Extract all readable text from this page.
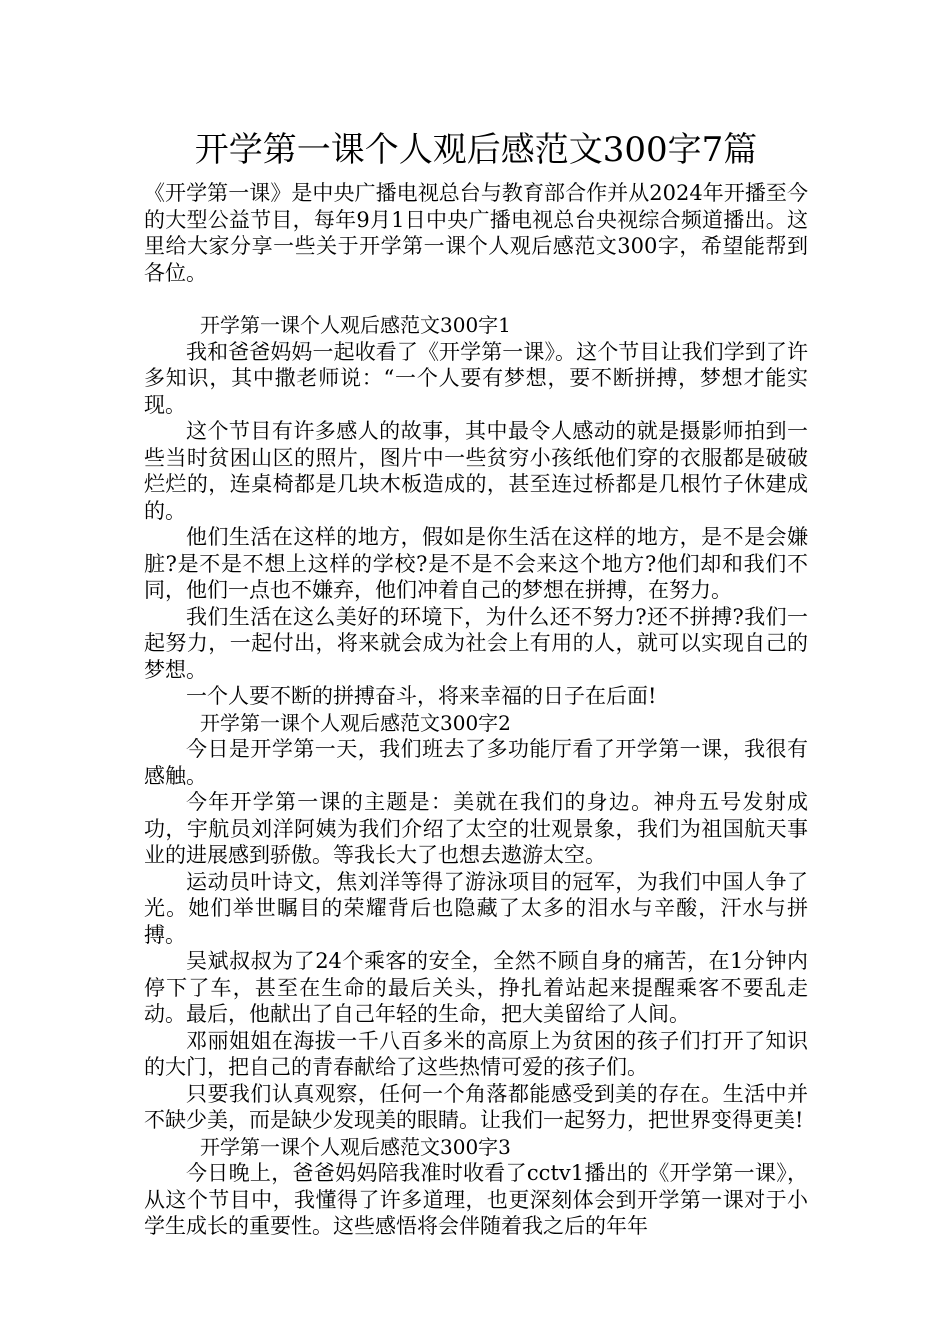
开学第一课个人观后感范文300字7篇

《开学第一课》是中央广播电视总台与教育部合作并从2024年开播至今的大型公益节目，每年9月1日中央广播电视总台央视综合频道播出。这里给大家分享一些关于开学第一课个人观后感范文300字，希望能帮到各位。

开学第一课个人观后感范文300字1

我和爸爸妈妈一起收看了《开学第一课》。这个节目让我们学到了许多知识，其中撒老师说：“一个人要有梦想，要不断拼搏，梦想才能实现。

这个节目有许多感人的故事，其中最令人感动的就是摄影师拍到一些当时贫困山区的照片，图片中一些贫穷小孩纸他们穿的衣服都是破破烂烂的，连桌椅都是几块木板造成的，甚至连过桥都是几根竹子休建成的。

他们生活在这样的地方，假如是你生活在这样的地方，是不是会嫌脏?是不是不想上这样的学校?是不是不会来这个地方?他们却和我们不同，他们一点也不嫌弃，他们冲着自己的梦想在拼搏，在努力。

我们生活在这么美好的环境下，为什么还不努力?还不拼搏?我们一起努力，一起付出，将来就会成为社会上有用的人，就可以实现自己的梦想。

一个人要不断的拼搏奋斗，将来幸福的日子在后面!

开学第一课个人观后感范文300字2

今日是开学第一天，我们班去了多功能厅看了开学第一课，我很有感触。

今年开学第一课的主题是：美就在我们的身边。神舟五号发射成功，宇航员刘洋阿姨为我们介绍了太空的壮观景象，我们为祖国航天事业的进展感到骄傲。等我长大了也想去遨游太空。

运动员叶诗文，焦刘洋等得了游泳项目的冠军，为我们中国人争了光。她们举世瞩目的荣耀背后也隐藏了太多的泪水与辛酸，汗水与拼搏。

吴斌叔叔为了24个乘客的安全，全然不顾自身的痛苦，在1分钟内停下了车，甚至在生命的最后关头，挣扎着站起来提醒乘客不要乱走动。最后，他献出了自己年轻的生命，把大美留给了人间。

邓丽姐姐在海拔一千八百多米的高原上为贫困的孩子们打开了知识的大门，把自己的青春献给了这些热情可爱的孩子们。

只要我们认真观察，任何一个角落都能感受到美的存在。生活中并不缺少美，而是缺少发现美的眼睛。让我们一起努力，把世界变得更美!

开学第一课个人观后感范文300字3

今日晚上，爸爸妈妈陪我准时收看了cctv1播出的《开学第一课》，从这个节目中，我懂得了许多道理，也更深刻体会到开学第一课对于小学生成长的重要性。这些感悟将会伴随着我之后的年年
